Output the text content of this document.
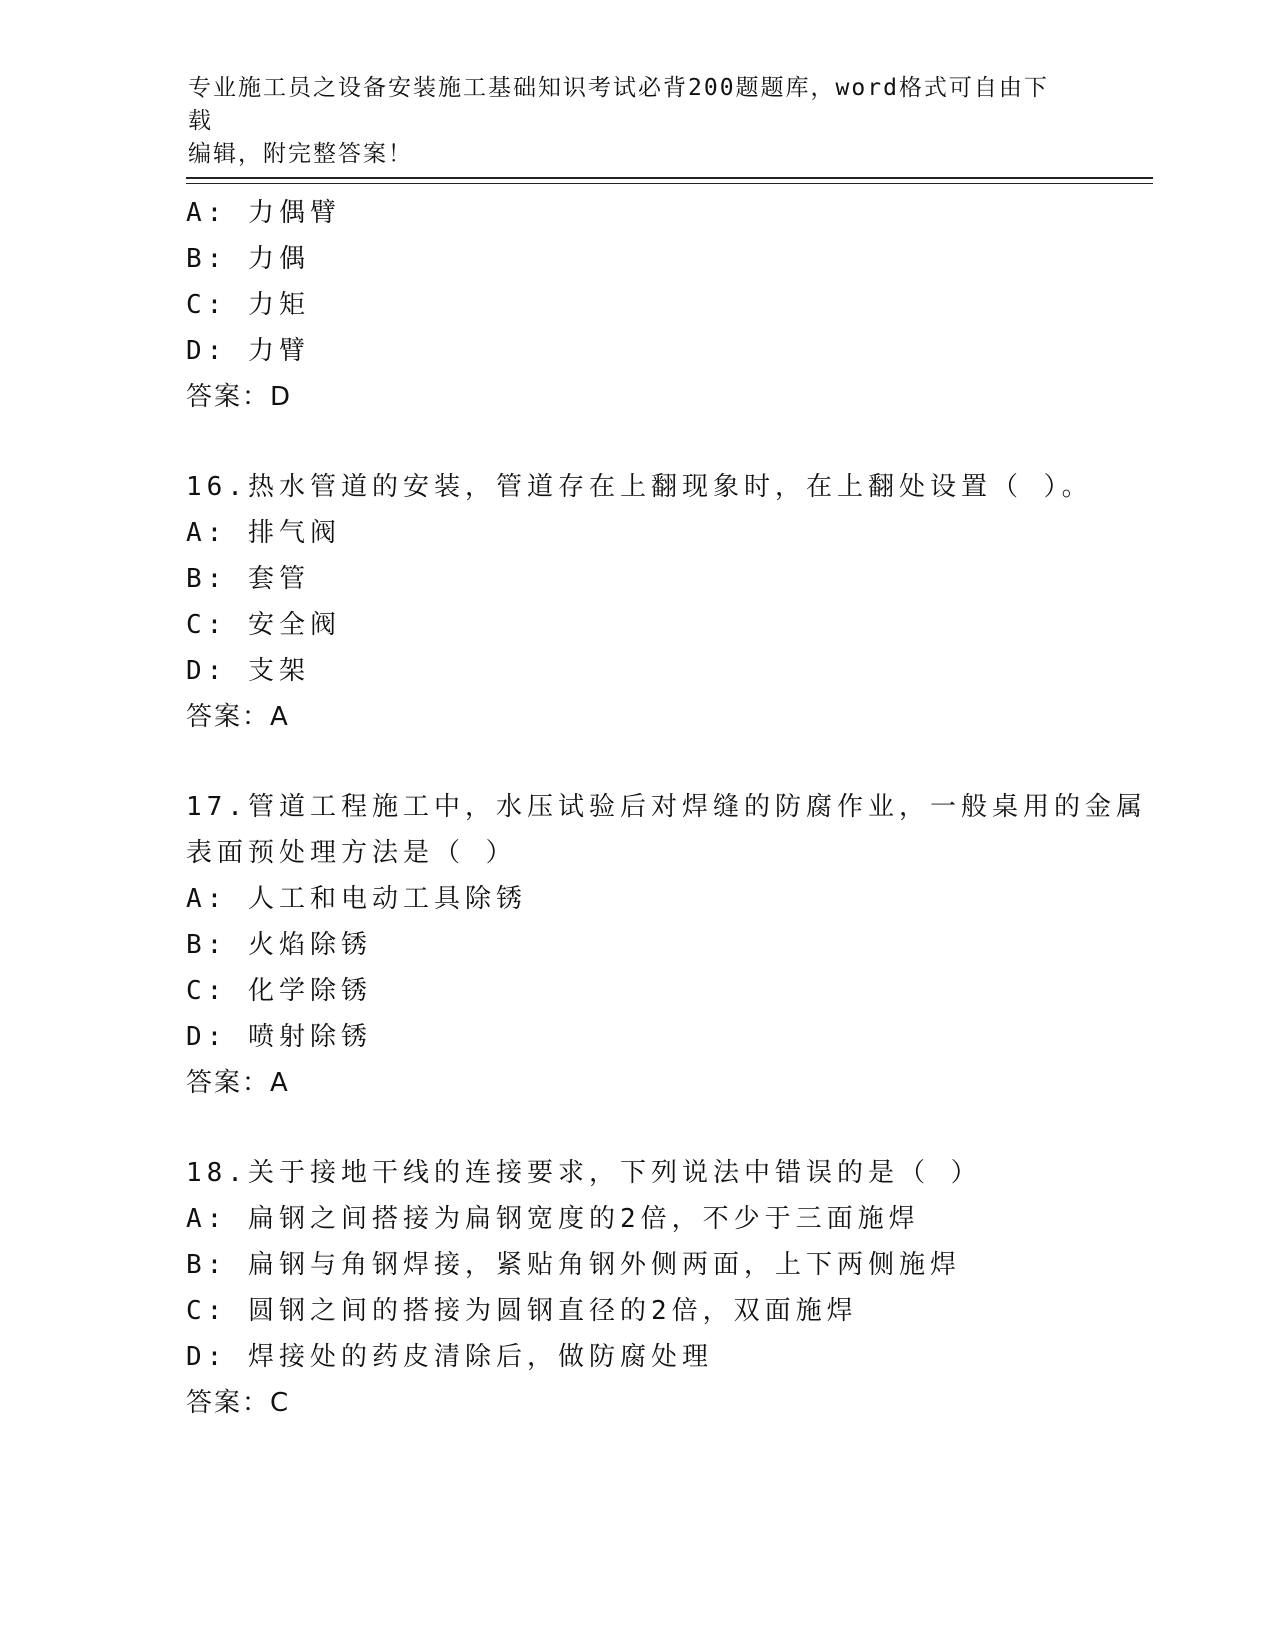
专业施工员之设备安装施工基础知识考试必背200题题库，word格式可自由下载
编辑，附完整答案！
A: 力偶臂
B: 力偶
C: 力矩
D: 力臂
答案：D
16.热水管道的安装，管道存在上翻现象时，在上翻处设置（ ）。
A: 排气阀
B: 套管
C: 安全阀
D: 支架
答案：A
17.管道工程施工中，水压试验后对焊缝的防腐作业，一般桌用的金属
表面预处理方法是（ ）
A: 人工和电动工具除锈
B: 火焰除锈
C: 化学除锈
D: 喷射除锈
答案：A
18.关于接地干线的连接要求，下列说法中错误的是（ ）
A: 扁钢之间搭接为扁钢宽度的2倍，不少于三面施焊
B: 扁钢与角钢焊接，紧贴角钢外侧两面，上下两侧施焊
C: 圆钢之间的搭接为圆钢直径的2倍，双面施焊
D: 焊接处的药皮清除后，做防腐处理
答案：C
